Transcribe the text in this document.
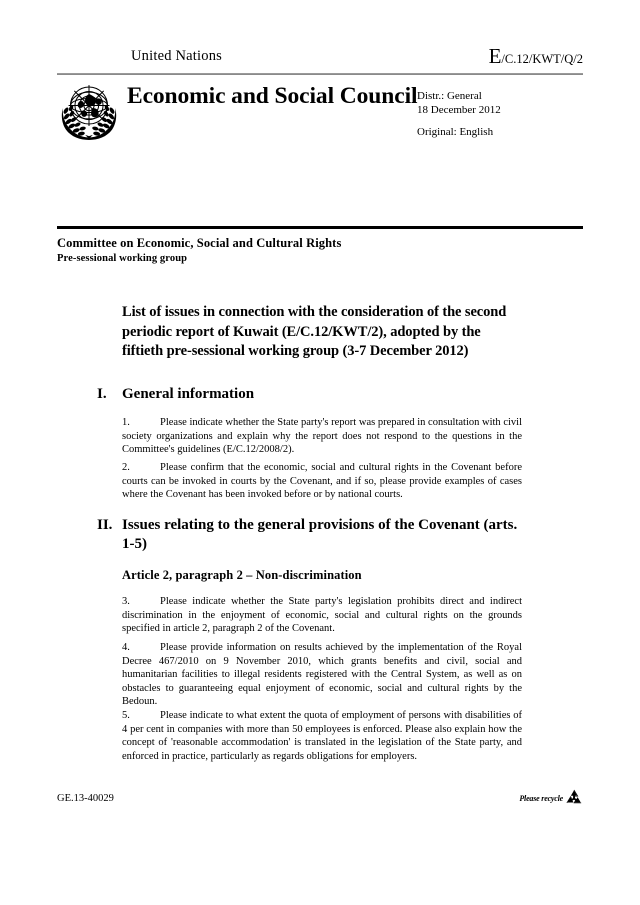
United Nations	E/C.12/KWT/Q/2
Economic and Social Council Distr.: General
18 December 2012
Original: English
Committee on Economic, Social and Cultural Rights
Pre-sessional working group
List of issues in connection with the consideration of the second periodic report of Kuwait (E/C.12/KWT/2), adopted by the fiftieth pre-sessional working group (3-7 December 2012)
I.	General information
1.	Please indicate whether the State party's report was prepared in consultation with civil society organizations and explain why the report does not respond to the questions in the Committee's guidelines (E/C.12/2008/2).
2.	Please confirm that the economic, social and cultural rights in the Covenant before courts can be invoked in courts by the Covenant, and if so, please provide examples of cases where the Covenant has been invoked before or by national courts.
II. Issues relating to the general provisions of the Covenant (arts. 1-5)
Article 2, paragraph 2 – Non-discrimination
3.	Please indicate whether the State party's legislation prohibits direct and indirect discrimination in the enjoyment of economic, social and cultural rights on the grounds specified in article 2, paragraph 2 of the Covenant.
4.	Please provide information on results achieved by the implementation of the Royal Decree 467/2010 on 9 November 2010, which grants benefits and civil, social and humanitarian facilities to illegal residents registered with the Central System, as well as on obstacles to guaranteeing equal enjoyment of economic, social and cultural rights by the Bedoun.
5.	Please indicate to what extent the quota of employment of persons with disabilities of 4 per cent in companies with more than 50 employees is enforced. Please also explain how the concept of 'reasonable accommodation' is translated in the legislation of the State party, and enforced in practice, particularly as regards obligations for employers.
GE.13-40029	Please recycle
